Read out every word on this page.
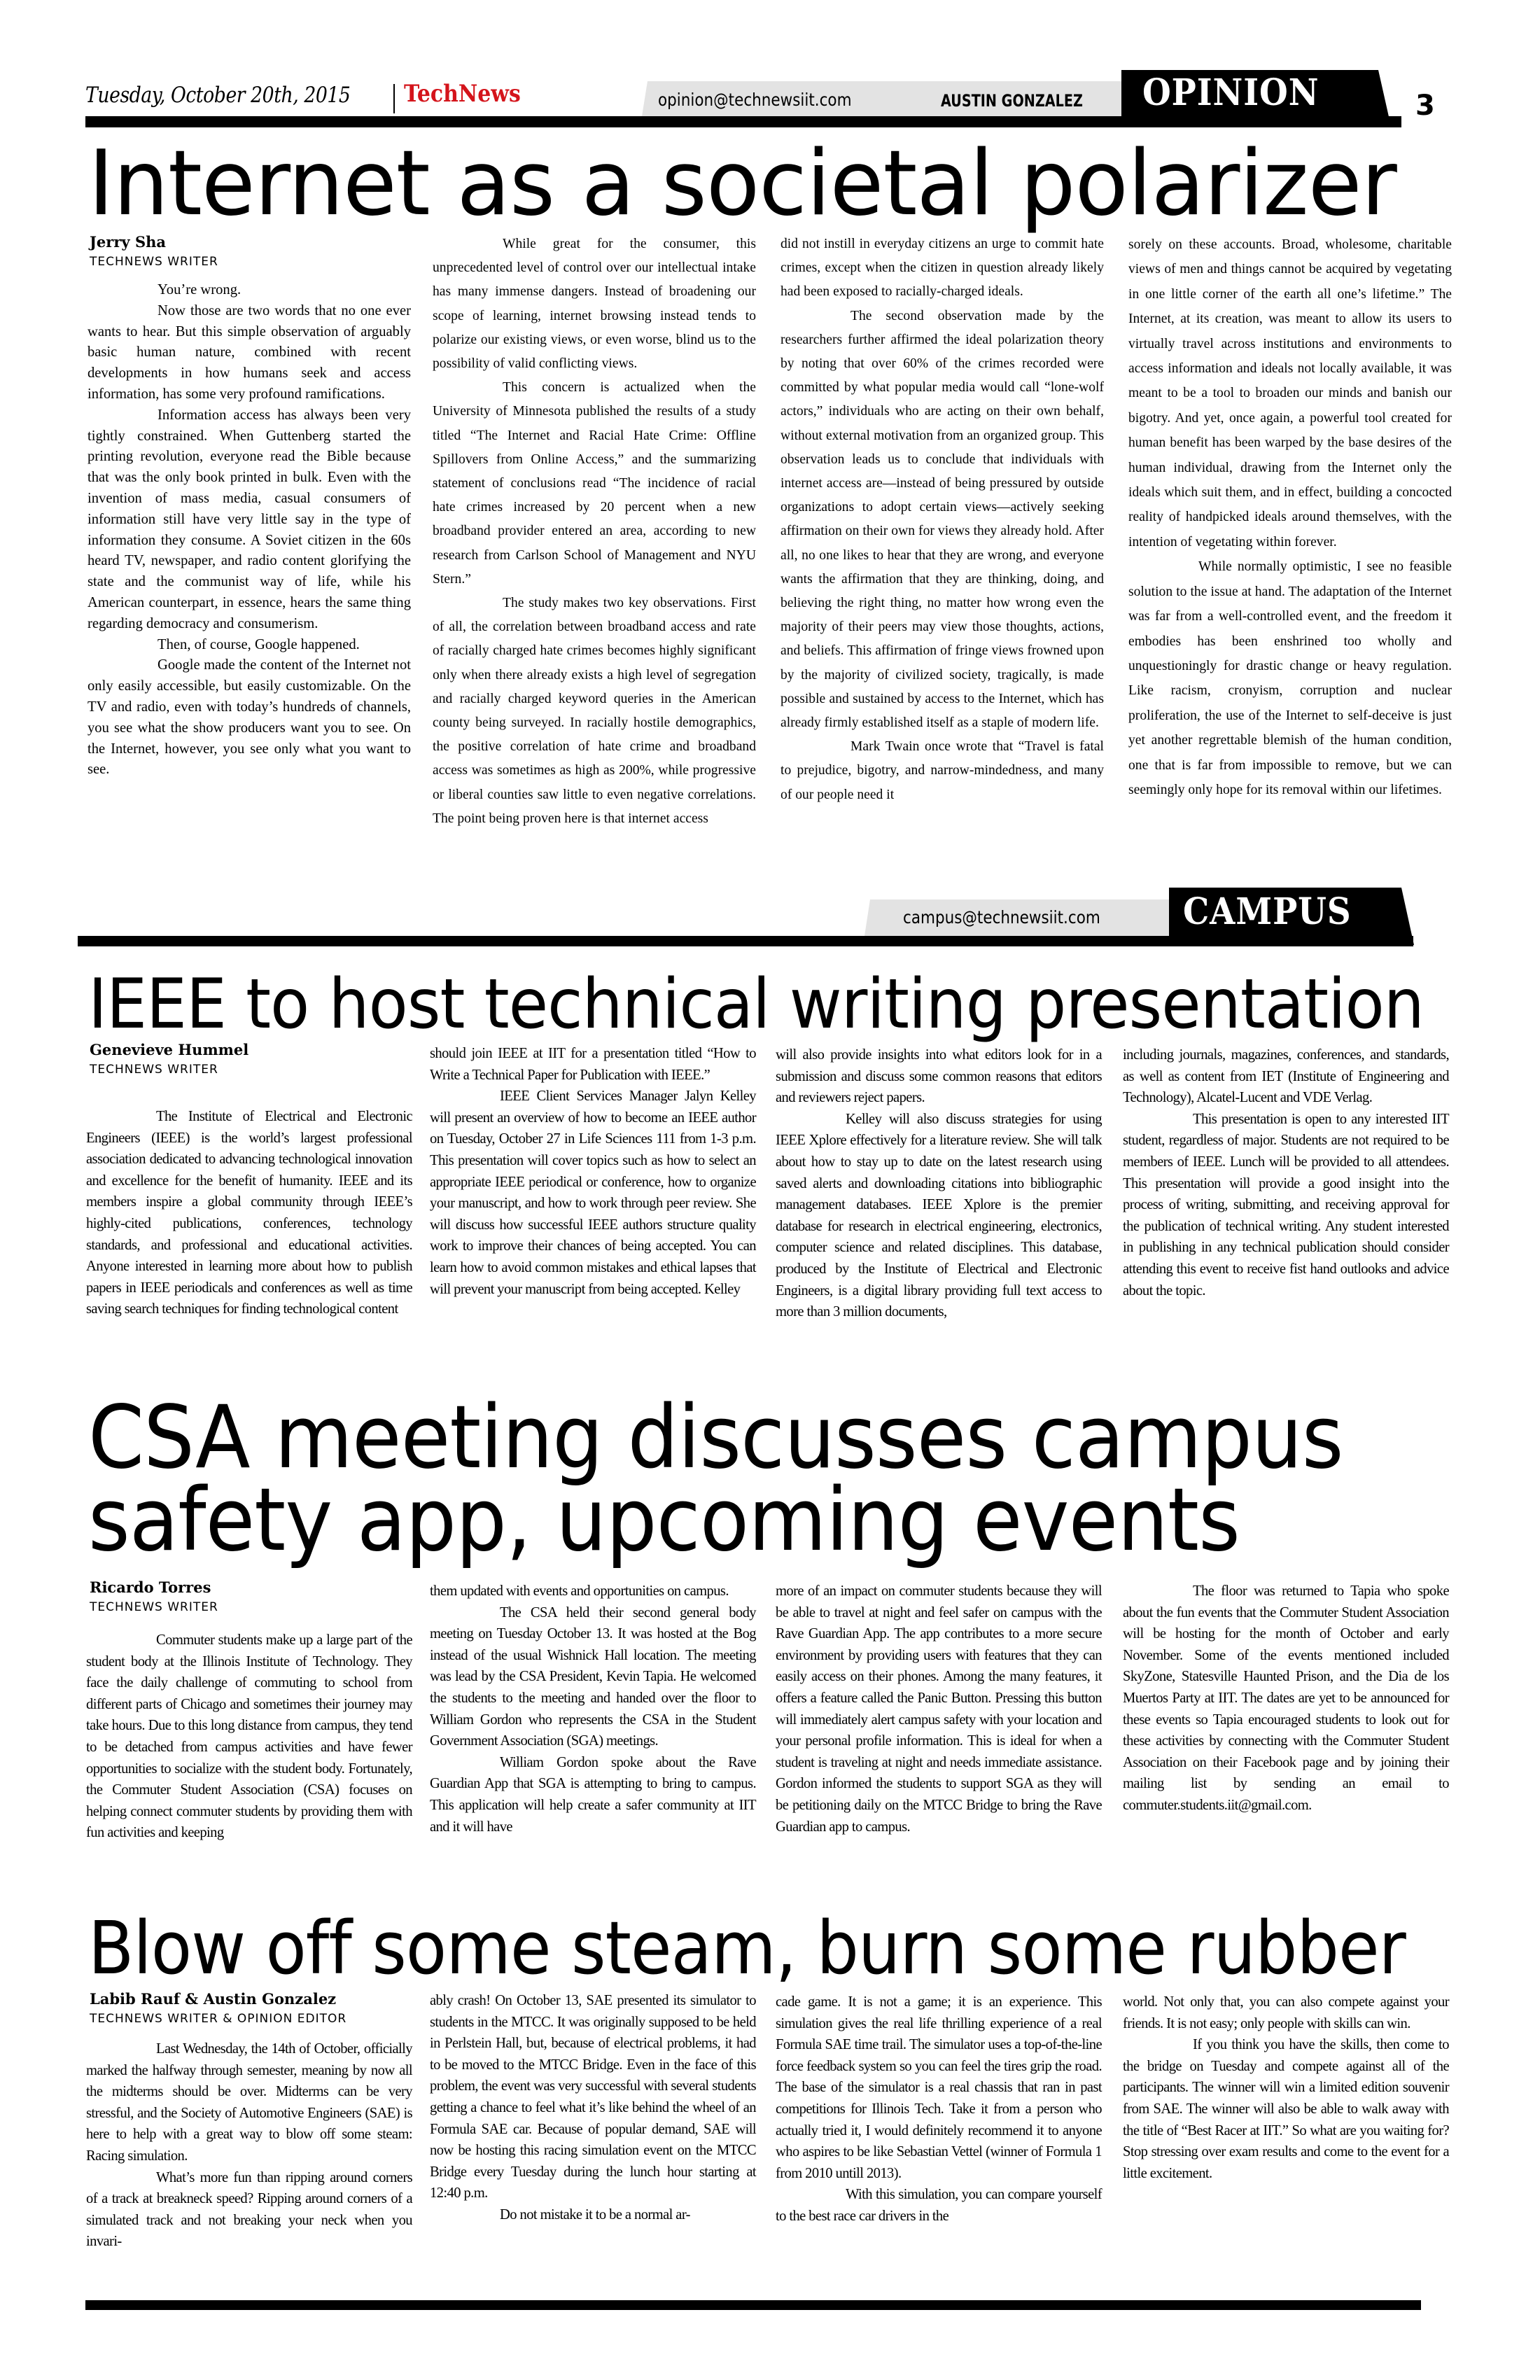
Tuesday, October 20th, 2015 TechNews	opinion@technewsiit.com	AUSTIN GONZALEZ OPINION	3
Internet as a societal polarizer
Jerry Sha
TECHNEWS WRITER

You’re wrong.

Now those are two words that no one ever wants to hear. But this simple observation of arguably basic human nature, combined with recent developments in how humans seek and access information, has some very profound ramifications.

Information access has always been very tightly constrained. When Guttenberg started the printing revolution, everyone read the Bible because that was the only book printed in bulk. Even with the invention of mass media, casual consumers of information still have very little say in the type of information they consume. A Soviet citizen in the 60s heard TV, newspaper, and radio content glorifying the state and the communist way of life, while his American counterpart, in essence, hears the same thing regarding democracy and consumerism.

Then, of course, Google happened.

Google made the content of the Internet not only easily accessible, but easily customizable. On the TV and radio, even with today’s hundreds of channels, you see what the show producers want you to see. On the Internet, however, you see only what you want to see.

While great for the consumer, this unprecedented level of control over our intellectual intake has many immense dangers. Instead of broadening our scope of learning, internet browsing instead tends to polarize our existing views, or even worse, blind us to the possibility of valid conflicting views.

This concern is actualized when the University of Minnesota published the results of a study titled “The Internet and Racial Hate Crime: Offline Spillovers from Online Access,” and the summarizing statement of conclusions read “The incidence of racial hate crimes increased by 20 percent when a new broadband provider entered an area, according to new research from Carlson School of Management and NYU Stern.”

The study makes two key observations. First of all, the correlation between broadband access and rate of racially charged hate crimes becomes highly significant only when there already exists a high level of segregation and racially charged keyword queries in the American county being surveyed. In racially hostile demographics, the positive correlation of hate crime and broadband access was sometimes as high as 200%, while progressive or liberal counties saw little to even negative correlations. The point being proven here is that internet access

did not instill in everyday citizens an urge to commit hate crimes, except when the citizen in question already likely had been exposed to racially-charged ideals.

The second observation made by the researchers further affirmed the ideal polarization theory by noting that over 60% of the crimes recorded were committed by what popular media would call “lone-wolf actors,” individuals who are acting on their own behalf, without external motivation from an organized group. This observation leads us to conclude that individuals with internet access are—instead of being pressured by outside organizations to adopt certain views—actively seeking affirmation on their own for views they already hold. After all, no one likes to hear that they are wrong, and everyone wants the affirmation that they are thinking, doing, and believing the right thing, no matter how wrong even the majority of their peers may view those thoughts, actions, and beliefs. This affirmation of fringe views frowned upon by the majority of civilized society, tragically, is made possible and sustained by access to the Internet, which has already firmly established itself as a staple of modern life.

Mark Twain once wrote that “Travel is fatal to prejudice, bigotry, and narrow-mindedness, and many of our people need it

sorely on these accounts. Broad, wholesome, charitable views of men and things cannot be acquired by vegetating in one little corner of the earth all one’s lifetime.” The Internet, at its creation, was meant to allow its users to virtually travel across institutions and environments to access information and ideals not locally available, it was meant to be a tool to broaden our minds and banish our bigotry. And yet, once again, a powerful tool created for human benefit has been warped by the base desires of the human individual, drawing from the Internet only the ideals which suit them, and in effect, building a concocted reality of handpicked ideals around themselves, with the intention of vegetating within forever.

While normally optimistic, I see no feasible solution to the issue at hand. The adaptation of the Internet was far from a well-controlled event, and the freedom it embodies has been enshrined too wholly and unquestioningly for drastic change or heavy regulation. Like racism, cronyism, corruption and nuclear proliferation, the use of the Internet to self-deceive is just yet another regrettable blemish of the human condition, one that is far from impossible to remove, but we can seemingly only hope for its removal within our lifetimes.

campus@technewsiit.com CAMPUS
IEEE to host technical writing presentation
Genevieve Hummel
TECHNEWS WRITER

The Institute of Electrical and Electronic Engineers (IEEE) is the world’s largest professional association dedicated to advancing technological innovation and excellence for the benefit of humanity. IEEE and its members inspire a global community through IEEE’s highly-cited publications, conferences, technology standards, and professional and educational activities. Anyone interested in learning more about how to publish papers in IEEE periodicals and conferences as well as time saving search techniques for finding technological content

should join IEEE at IIT for a presentation titled “How to Write a Technical Paper for Publication with IEEE.”

IEEE Client Services Manager Jalyn Kelley will present an overview of how to become an IEEE author on Tuesday, October 27 in Life Sciences 111 from 1-3 p.m. This presentation will cover topics such as how to select an appropriate IEEE periodical or conference, how to organize your manuscript, and how to work through peer review. She will discuss how successful IEEE authors structure quality work to improve their chances of being accepted. You can learn how to avoid common mistakes and ethical lapses that will prevent your manuscript from being accepted. Kelley

will also provide insights into what editors look for in a submission and discuss some common reasons that editors and reviewers reject papers.

Kelley will also discuss strategies for using IEEE Xplore effectively for a literature review. She will talk about how to stay up to date on the latest research using saved alerts and downloading citations into bibliographic management databases. IEEE Xplore is the premier database for research in electrical engineering, electronics, computer science and related disciplines. This database, produced by the Institute of Electrical and Electronic Engineers, is a digital library providing full text access to more than 3 million documents,

including journals, magazines, conferences, and standards, as well as content from IET (Institute of Engineering and Technology), Alcatel-Lucent and VDE Verlag.

This presentation is open to any interested IIT student, regardless of major. Students are not required to be members of IEEE. Lunch will be provided to all attendees. This presentation will provide a good insight into the process of writing, submitting, and receiving approval for the publication of technical writing. Any student interested in publishing in any technical publication should consider attending this event to receive fist hand outlooks and advice about the topic.

CSA meeting discusses campus
safety app, upcoming events
Ricardo Torres
TECHNEWS WRITER

Commuter students make up a large part of the student body at the Illinois Institute of Technology. They face the daily challenge of commuting to school from different parts of Chicago and sometimes their journey may take hours. Due to this long distance from campus, they tend to be detached from campus activities and have fewer opportunities to socialize with the student body. Fortunately, the Commuter Student Association (CSA) focuses on helping connect commuter students by providing them with fun activities and keeping

them updated with events and opportunities on campus.

The CSA held their second general body meeting on Tuesday October 13. It was hosted at the Bog instead of the usual Wishnick Hall location. The meeting was lead by the CSA President, Kevin Tapia. He welcomed the students to the meeting and handed over the floor to William Gordon who represents the CSA in the Student Government Association (SGA) meetings.

William Gordon spoke about the Rave Guardian App that SGA is attempting to bring to campus. This application will help create a safer community at IIT and it will have

more of an impact on commuter students because they will be able to travel at night and feel safer on campus with the Rave Guardian App. The app contributes to a more secure environment by providing users with features that they can easily access on their phones. Among the many features, it offers a feature called the Panic Button. Pressing this button will immediately alert campus safety with your location and your personal profile information. This is ideal for when a student is traveling at night and needs immediate assistance. Gordon informed the students to support SGA as they will be petitioning daily on the MTCC Bridge to bring the Rave Guardian app to campus.

The floor was returned to Tapia who spoke about the fun events that the Commuter Student Association will be hosting for the month of October and early November. Some of the events mentioned included SkyZone, Statesville Haunted Prison, and the Dia de los Muertos Party at IIT. The dates are yet to be announced for these events so Tapia encouraged students to look out for these activities by connecting with the Commuter Student Association on their Facebook page and by joining their mailing list by sending an email to commuter.students.iit@gmail.com.

Blow off some steam, burn some rubber
Labib Rauf & Austin Gonzalez
TECHNEWS WRITER & OPINION EDITOR

Last Wednesday, the 14th of October, officially marked the halfway through semester, meaning by now all the midterms should be over. Midterms can be very stressful, and the Society of Automotive Engineers (SAE) is here to help with a great way to blow off some steam: Racing simulation.

What’s more fun than ripping around corners of a track at breakneck speed? Ripping around corners of a simulated track and not breaking your neck when you invari-

ably crash! On October 13, SAE presented its simulator to students in the MTCC. It was originally supposed to be held in Perlstein Hall, but, because of electrical problems, it had to be moved to the MTCC Bridge. Even in the face of this problem, the event was very successful with several students getting a chance to feel what it’s like behind the wheel of an Formula SAE car. Because of popular demand, SAE will now be hosting this racing simulation event on the MTCC Bridge every Tuesday during the lunch hour starting at 12:40 p.m.

Do not mistake it to be a normal ar-

cade game. It is not a game; it is an experience. This simulation gives the real life thrilling experience of a real Formula SAE time trail. The simulator uses a top-of-the-line force feedback system so you can feel the tires grip the road. The base of the simulator is a real chassis that ran in past competitions for Illinois Tech. Take it from a person who actually tried it, I would definitely recommend it to anyone who aspires to be like Sebastian Vettel (winner of Formula 1 from 2010 untill 2013).

With this simulation, you can compare yourself to the best race car drivers in the

world. Not only that, you can also compete against your friends. It is not easy; only people with skills can win.

If you think you have the skills, then come to the bridge on Tuesday and compete against all of the participants. The winner will win a limited edition souvenir from SAE. The winner will also be able to walk away with the title of “Best Racer at IIT.” So what are you waiting for? Stop stressing over exam results and come to the event for a little excitement.
